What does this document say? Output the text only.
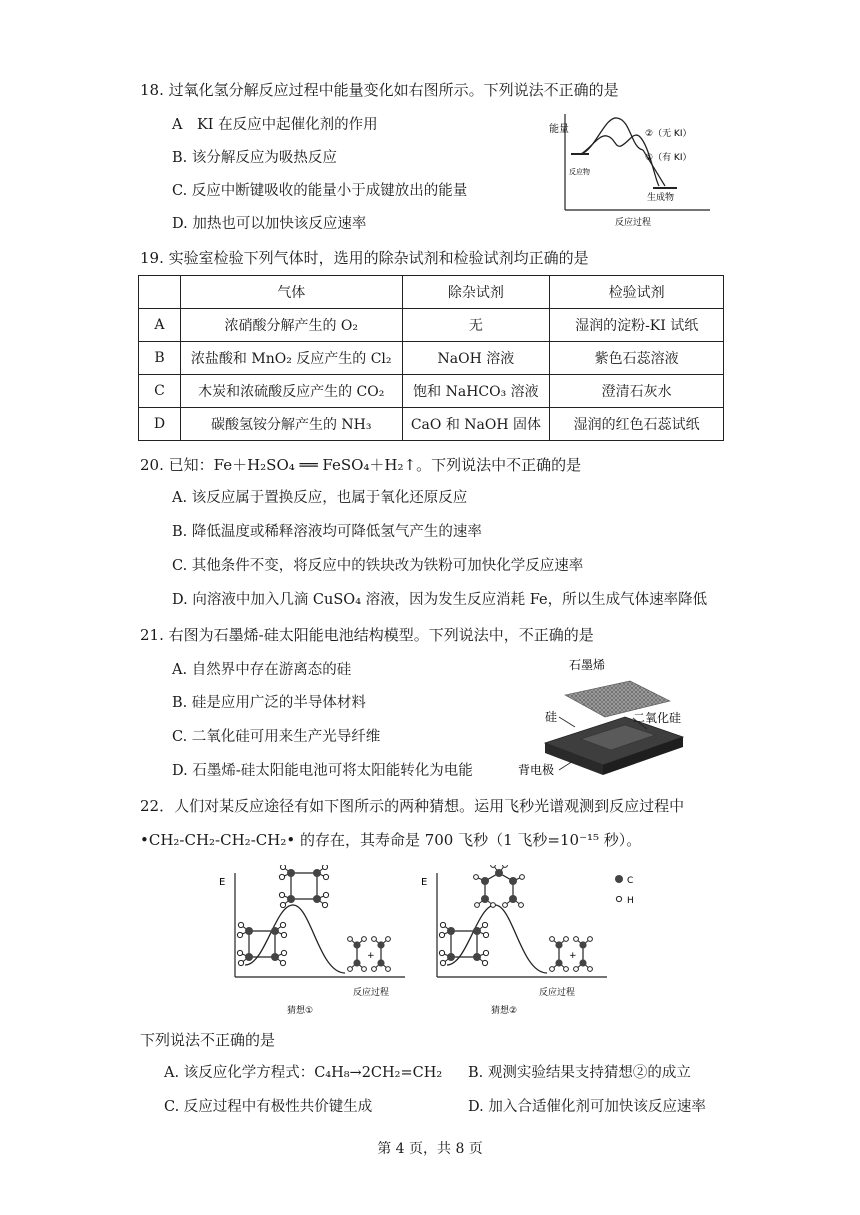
18. 过氧化氢分解反应过程中能量变化如右图所示。下列说法不正确的是
A　KI 在反应中起催化剂的作用
B. 该分解反应为吸热反应
C. 反应中断键吸收的能量小于成键放出的能量
D. 加热也可以加快该反应速率
能量	②（无 KI）
①（有 KI）
反应物
生成物
反应过程
19. 实验室检验下列气体时，选用的除杂试剂和检验试剂均正确的是
	气体	除杂试剂	检验试剂
A	浓硝酸分解产生的 O₂	无	湿润的淀粉-KI 试纸
B	浓盐酸和 MnO₂ 反应产生的 Cl₂	NaOH 溶液	紫色石蕊溶液
C	木炭和浓硫酸反应产生的 CO₂	饱和 NaHCO₃ 溶液	澄清石灰水
D	碳酸氢铵分解产生的 NH₃	CaO 和 NaOH 固体	湿润的红色石蕊试纸
20. 已知：Fe＋H₂SO₄ ══ FeSO₄＋H₂↑。下列说法中不正确的是
A. 该反应属于置换反应，也属于氧化还原反应
B. 降低温度或稀释溶液均可降低氢气产生的速率
C. 其他条件不变，将反应中的铁块改为铁粉可加快化学反应速率
D. 向溶液中加入几滴 CuSO₄ 溶液，因为发生反应消耗 Fe，所以生成气体速率降低
21. 右图为石墨烯-硅太阳能电池结构模型。下列说法中，不正确的是
A. 自然界中存在游离态的硅
B. 硅是应用广泛的半导体材料
C. 二氧化硅可用来生产光导纤维
D. 石墨烯-硅太阳能电池可将太阳能转化为电能
石墨烯
硅	二氧化硅
背电极
22．人们对某反应途径有如下图所示的两种猜想。运用飞秒光谱观测到反应过程中
•CH₂-CH₂-CH₂-CH₂• 的存在，其寿命是 700 飞秒（1 飞秒=10⁻¹⁵ 秒）。
E
+
反应过程
猜想①
E
+
反应过程
猜想②
C
H
下列说法不正确的是
A. 该反应化学方程式：C₄H₈→2CH₂=CH₂ B. 观测实验结果支持猜想②的成立
C. 反应过程中有极性共价键生成	D. 加入合适催化剂可加快该反应速率
第 4 页，共 8 页
